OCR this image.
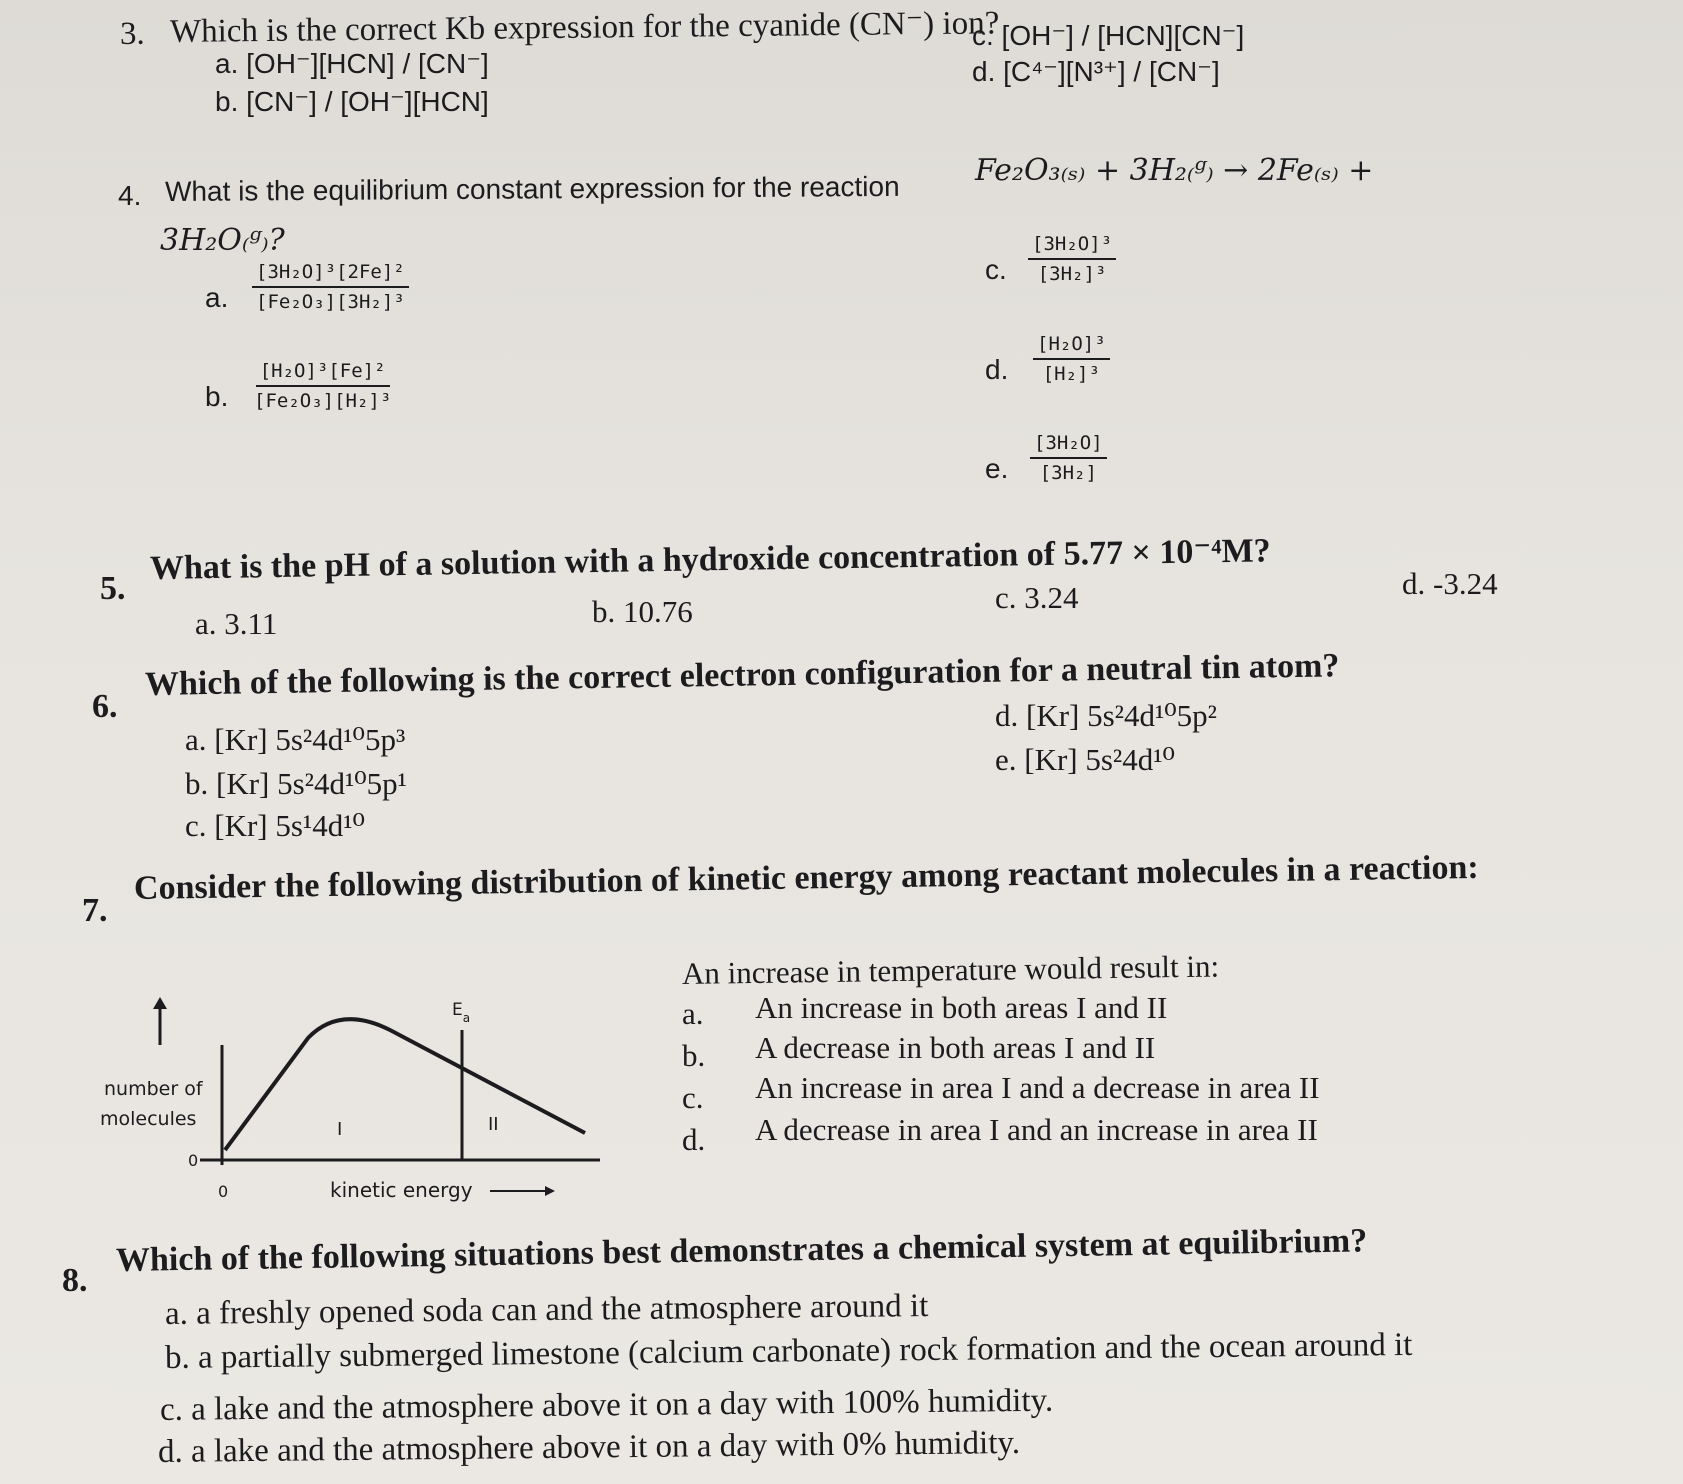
3. Which is the correct Kb expression for the cyanide (CN⁻) ion?
a. [OH⁻][HCN] / [CN⁻]
b. [CN⁻] / [OH⁻][HCN]
c. [OH⁻] / [HCN][CN⁻]
d. [C⁴⁻][N³⁺] / [CN⁻]
4. What is the equilibrium constant expression for the reaction
Fe₂O₃₍ₛ₎ + 3H₂₍ᵍ₎ → 2Fe₍ₛ₎ +
3H₂O₍ᵍ₎?
a. $\frac{\text{[3H₂O]³[2Fe]²}}{\text{[Fe₂O₃][3H₂]³}}$
b. $\frac{\text{[H₂O]³[Fe]²}}{\text{[Fe₂O₃][H₂]³}}$
c. $\frac{\text{[3H₂O]³}}{\text{[3H₂]³}}$
d. $\frac{\text{[H₂O]³}}{\text{[H₂]³}}$
e. $\frac{\text{[3H₂O]}}{\text{[3H₂]}}$
5.
What is the pH of a solution with a hydroxide concentration of 5.77 × 10⁻⁴M?
a. 3.11	b. 10.76	c. 3.24	d. -3.24
6.
Which of the following is the correct electron configuration for a neutral tin atom?
a. [Kr] 5s²4d¹⁰5p³
b. [Kr] 5s²4d¹⁰5p¹
c. [Kr] 5s¹4d¹⁰
d. [Kr] 5s²4d¹⁰5p²
e. [Kr] 5s²4d¹⁰
7.
Consider the following distribution of kinetic energy among reactant molecules in a reaction:
number of
molecules
0
0	kinetic energy
$E_a$
I	II
An increase in temperature would result in:
a. An increase in both areas I and II
b. A decrease in both areas I and II
c. An increase in area I and a decrease in area II
d. A decrease in area I and an increase in area II
8.
Which of the following situations best demonstrates a chemical system at equilibrium?
a. a freshly opened soda can and the atmosphere around it
b. a partially submerged limestone (calcium carbonate) rock formation and the ocean around it
c. a lake and the atmosphere above it on a day with 100% humidity.
d. a lake and the atmosphere above it on a day with 0% humidity.
